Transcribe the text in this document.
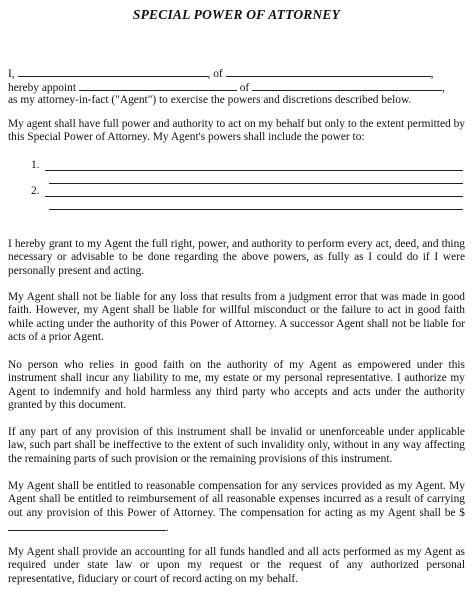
SPECIAL POWER OF ATTORNEY
I,	, of	,
hereby appoint	of	,
as my attorney-in-fact ("Agent") to exercise the powers and discretions described below.
My agent shall have full power and authority to act on my behalf but only to the extent permitted by this Special Power of Attorney. My Agent's powers shall include the power to:
1.
2.
I hereby grant to my Agent the full right, power, and authority to perform every act, deed, and thing necessary or advisable to be done regarding the above powers, as fully as I could do if I were personally present and acting.
My Agent shall not be liable for any loss that results from a judgment error that was made in good faith. However, my Agent shall be liable for willful misconduct or the failure to act in good faith while acting under the authority of this Power of Attorney. A successor Agent shall not be liable for acts of a prior Agent.
No person who relies in good faith on the authority of my Agent as empowered under this instrument shall incur any liability to me, my estate or my personal representative. I authorize my Agent to indemnify and hold harmless any third party who accepts and acts under the authority granted by this document.
If any part of any provision of this instrument shall be invalid or unenforceable under applicable law, such part shall be ineffective to the extent of such invalidity only, without in any way affecting the remaining parts of such provision or the remaining provisions of this instrument.
My Agent shall be entitled to reasonable compensation for any services provided as my Agent. My Agent shall be entitled to reimbursement of all reasonable expenses incurred as a result of carrying out any provision of this Power of Attorney. The compensation for acting as my Agent shall be $.
My Agent shall provide an accounting for all funds handled and all acts performed as my Agent as required under state law or upon my request or the request of any authorized personal representative, fiduciary or court of record acting on my behalf.
